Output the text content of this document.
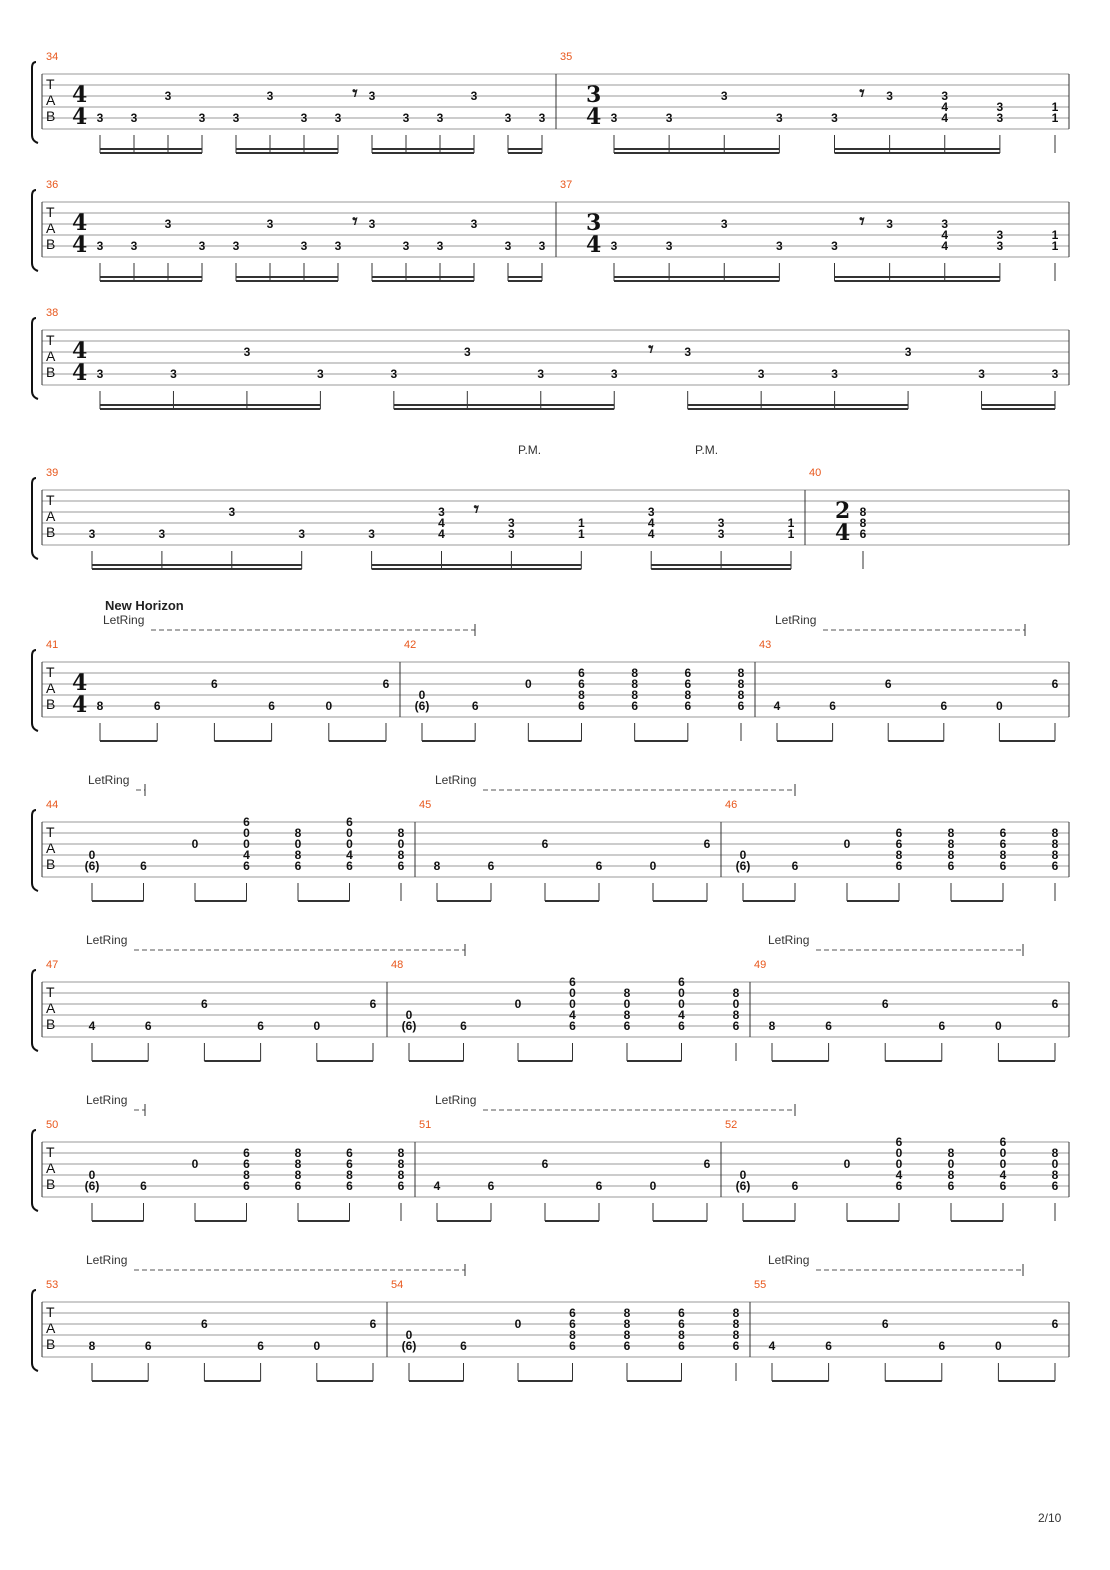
T
A
B
34
4
4 3 3
3
3 3
3
3 3
3
3 3
3
3 3
𝄾
35
3
4 3	3
3
3	3
3	3
4
4
3
3
1
1
𝄾
T
A
B
36
4
4 3 3
3
3 3
3
3 3
3
3 3
3
3 3
𝄾
37
3
4 3	3
3
3	3
3	3
4
4
3
3
1
1
𝄾
T
A
B
38
4
4 3	3
3
3	3
3
3	3
3
3	3
3
3	3
𝄾
T
A
B
39
3	3
3
3	3
3
4
4
3
3
1
1
3
4
4
3
3
1
1
𝄾
40
2
4
8
8
6
T
A
B
41
4
4 8	6
6
6	0
6
42
0
(6)	6
0
6
6
8
6
8
8
8
6
6
6
8
6
8
8
8
6
43
4	6
6
6	0
6
T
A
B
44
0
(6)	6
0
6
0
0
4
6
8
0
8
6
6
0
0
4
6
8
0
8
6
45
8	6
6
6	0
6
46
0
(6)	6
0
6
6
8
6
8
8
8
6
6
6
8
6
8
8
8
6
T
A
B
47
4	6
6
6	0
6
48
0
(6)	6
0
6
0
0
4
6
8
0
8
6
6
0
0
4
6
8
0
8
6
49
8	6
6
6	0
6
T
A
B
50
0
(6)	6
0
6
6
8
6
8
8
8
6
6
6
8
6
8
8
8
6
51
4	6
6
6	0
6
52
0
(6)	6
0
6
0
0
4
6
8
0
8
6
6
0
0
4
6
8
0
8
6
T
A
B
53
8	6
6
6	0
6
54
0
(6)	6
0
6
6
8
6
8
8
8
6
6
6
8
6
8
8
8
6
55
4	6
6
6	0
6
LetRing	LetRing
LetRing	LetRing
LetRing	LetRing
LetRing	LetRing
LetRing	LetRing
P.M.	P.M.
New Horizon
2/10
